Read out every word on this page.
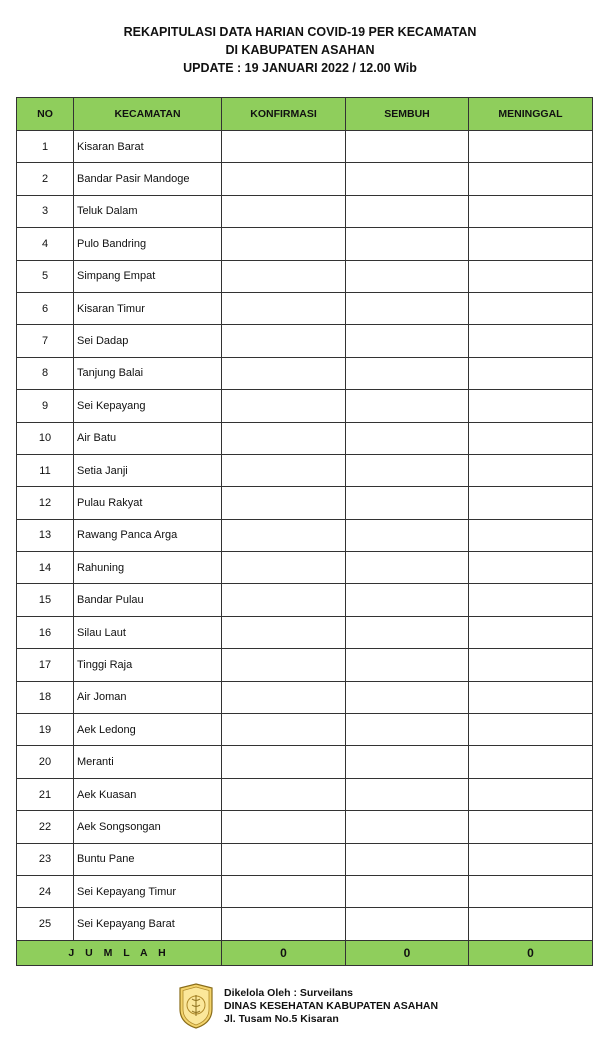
REKAPITULASI DATA HARIAN COVID-19 PER KECAMATAN
DI KABUPATEN ASAHAN
UPDATE : 19 JANUARI 2022 / 12.00 Wib
NO	KECAMATAN	KONFIRMASI	SEMBUH	MENINGGAL
1	Kisaran Barat			
2	Bandar Pasir Mandoge			
3	Teluk Dalam			
4	Pulo Bandring			
5	Simpang Empat			
6	Kisaran Timur			
7	Sei Dadap			
8	Tanjung Balai			
9	Sei Kepayang			
10	Air Batu			
11	Setia Janji			
12	Pulau Rakyat			
13	Rawang Panca Arga			
14	Rahuning			
15	Bandar Pulau			
16	Silau Laut			
17	Tinggi Raja			
18	Air Joman			
19	Aek Ledong			
20	Meranti			
21	Aek Kuasan			
22	Aek Songsongan			
23	Buntu Pane			
24	Sei Kepayang Timur			
25	Sei Kepayang Barat			
J U M L A H		0	0	0
Dikelola Oleh : Surveilans
DINAS KESEHATAN KABUPATEN ASAHAN
Jl. Tusam No.5 Kisaran
